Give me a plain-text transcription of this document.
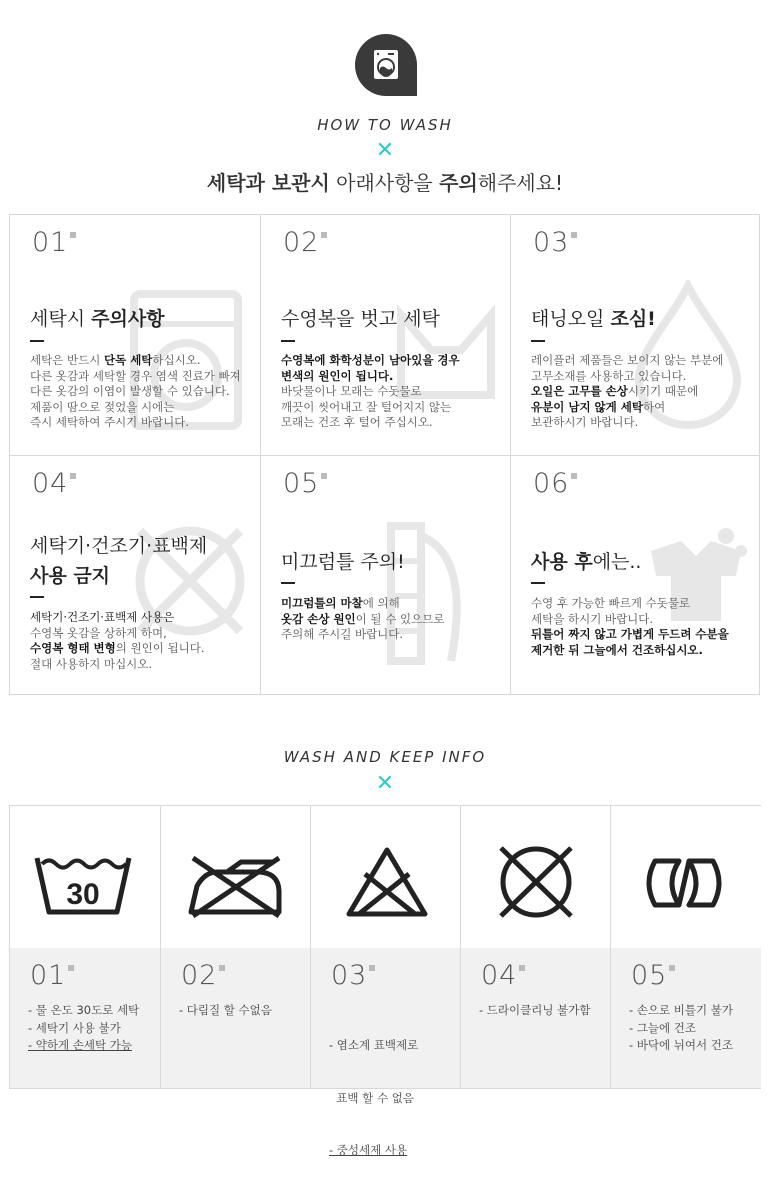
HOW TO WASH
✕
세탁과 보관시 아래사항을 주의해주세요!
01
세탁시 주의사항
세탁은 반드시 단독 세탁하십시오.
다른 옷감과 세탁할 경우 염색 진료가 빠져
다른 옷감의 이염이 발생할 수 있습니다.
제품이 땀으로 젖었을 시에는
즉시 세탁하여 주시기 바랍니다.
02
수영복을 벗고 세탁
수영복에 화학성분이 남아있을 경우
변색의 원인이 됩니다.
바닷물이나 모래는 수돗물로
깨끗이 씻어내고 잘 털어지지 않는
모래는 건조 후 털어 주십시오.
03
태닝오일 조심!
레이플러 제품들은 보이지 않는 부분에
고무소재를 사용하고 있습니다.
오일은 고무를 손상시키기 때문에
유분이 남지 않게 세탁하여
보관하시기 바랍니다.
04
세탁기·건조기·표백제
사용 금지
세탁기·건조기·표백제 사용은
수영복 옷감을 상하게 하며,
수영복 형태 변형의 원인이 됩니다.
절대 사용하지 마십시오.
05
미끄럼틀 주의!
미끄럼틀의 마찰에 의해
옷감 손상 원인이 될 수 있으므로
주의해 주시길 바랍니다.
06
사용 후에는..
수영 후 가능한 빠르게 수돗물로
세탁을 하시기 바랍니다.
뒤틀어 짜지 않고 가볍게 두드려 수분을
제거한 뒤 그늘에서 건조하십시오.
WASH AND KEEP INFO
✕
30
01
- 물 온도 30도로 세탁
- 세탁기 사용 불가
- 약하게 손세탁 가능
02
- 다림질 할 수없음
03

- 염소계 표백제로

표백 할 수 없음

- 중성세제 사용

04
- 드라이클리닝 불가함
05
- 손으로 비틀기 불가
- 그늘에 건조
- 바닥에 뉘여서 건조
